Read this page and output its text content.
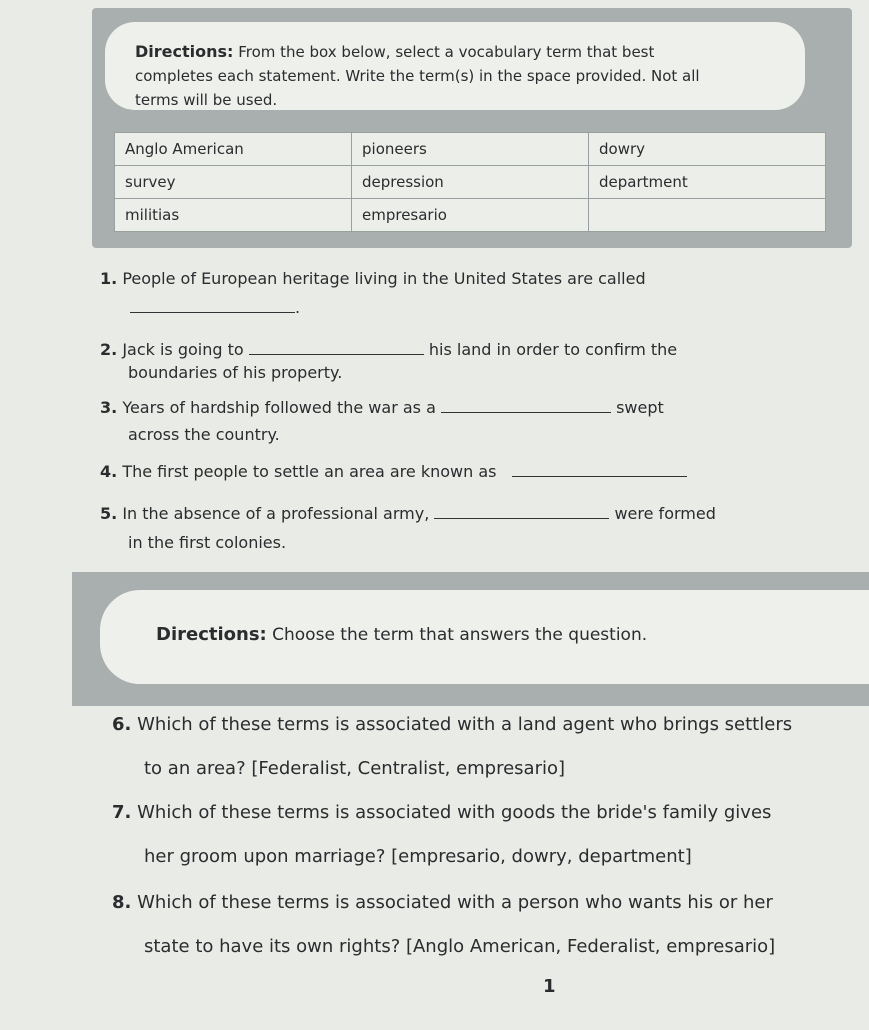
Directions: From the box below, select a vocabulary term that best
completes each statement. Write the term(s) in the space provided. Not all
terms will be used.
Anglo American	pioneers	dowry
survey	depression	department
militias	empresario	
1. People of European heritage living in the United States are called
.
2. Jack is going to	his land in order to confirm the
boundaries of his property.
3. Years of hardship followed the war as a	swept
across the country.
4. The first people to settle an area are known as
5. In the absence of a professional army,	were formed
in the first colonies.
Directions: Choose the term that answers the question.
6. Which of these terms is associated with a land agent who brings settlers
to an area? [Federalist, Centralist, empresario]
7. Which of these terms is associated with goods the bride's family gives
her groom upon marriage? [empresario, dowry, department]
8. Which of these terms is associated with a person who wants his or her
state to have its own rights? [Anglo American, Federalist, empresario]
1
